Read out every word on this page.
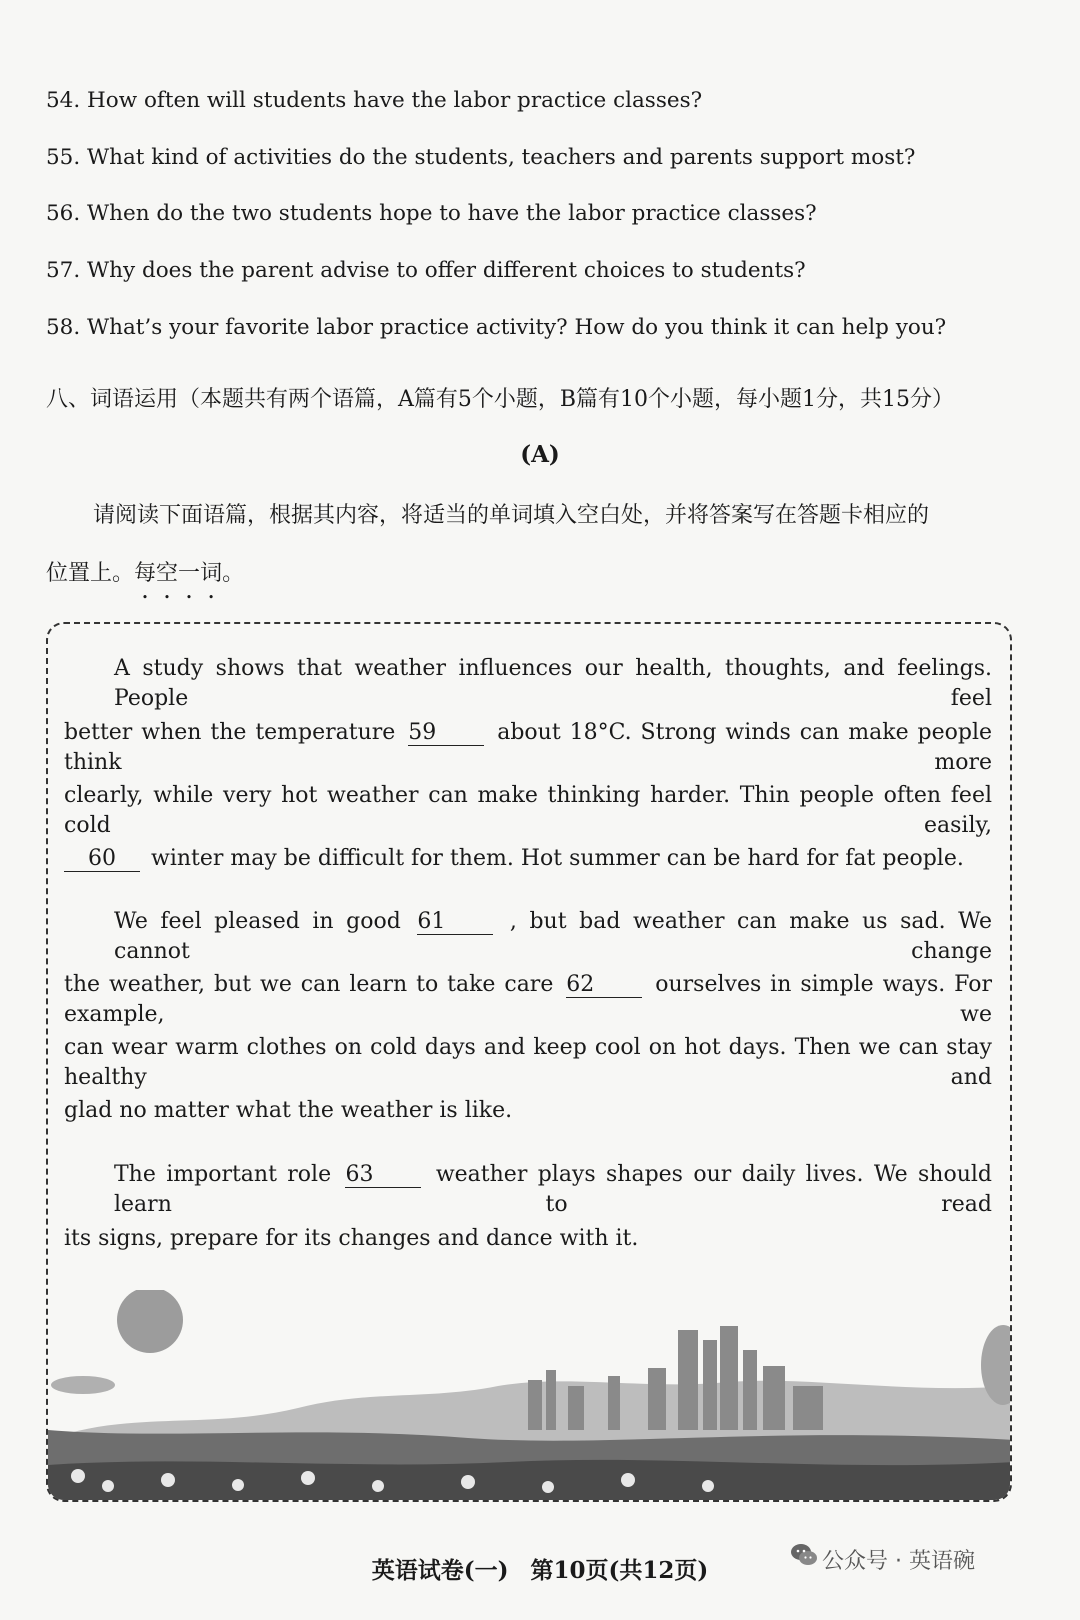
54. How often will students have the labor practice classes?
55. What kind of activities do the students, teachers and parents support most?
56. When do the two students hope to have the labor practice classes?
57. Why does the parent advise to offer different choices to students?
58. What’s your favorite labor practice activity? How do you think it can help you?
八、词语运用（本题共有两个语篇，A篇有5个小题，B篇有10个小题，每小题1分，共15分）
(A)
请阅读下面语篇，根据其内容，将适当的单词填入空白处，并将答案写在答题卡相应的
位置上。每空一词。
A study shows that weather influences our health, thoughts, and feelings. People feel
better when the temperature 59	about 18°C. Strong winds can make people think more
clearly, while very hot weather can make thinking harder. Thin people often feel cold easily,
60 winter may be difficult for them. Hot summer can be hard for fat people.
We feel pleased in good 61	, but bad weather can make us sad. We cannot change
the weather, but we can learn to take care 62	ourselves in simple ways. For example, we
can wear warm clothes on cold days and keep cool on hot days. Then we can stay healthy and
glad no matter what the weather is like.
The important role 63	weather plays shapes our daily lives. We should learn to read
its signs, prepare for its changes and dance with it.
英语试卷(一) 第10页(共12页)	公众号 · 英语碗
